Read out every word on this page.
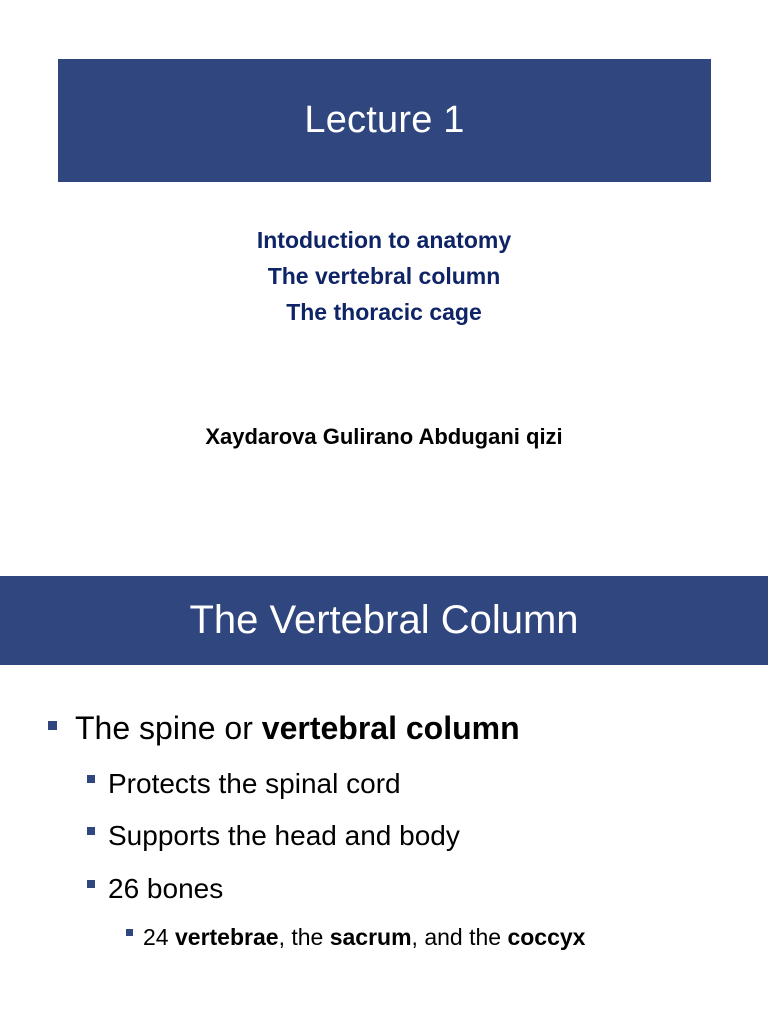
Lecture 1
Intoduction to anatomy
The vertebral column
The thoracic cage
Xaydarova Gulirano Abdugani qizi
The Vertebral Column
The spine or vertebral column
Protects the spinal cord
Supports the head and body
26 bones
24 vertebrae, the sacrum, and the coccyx
